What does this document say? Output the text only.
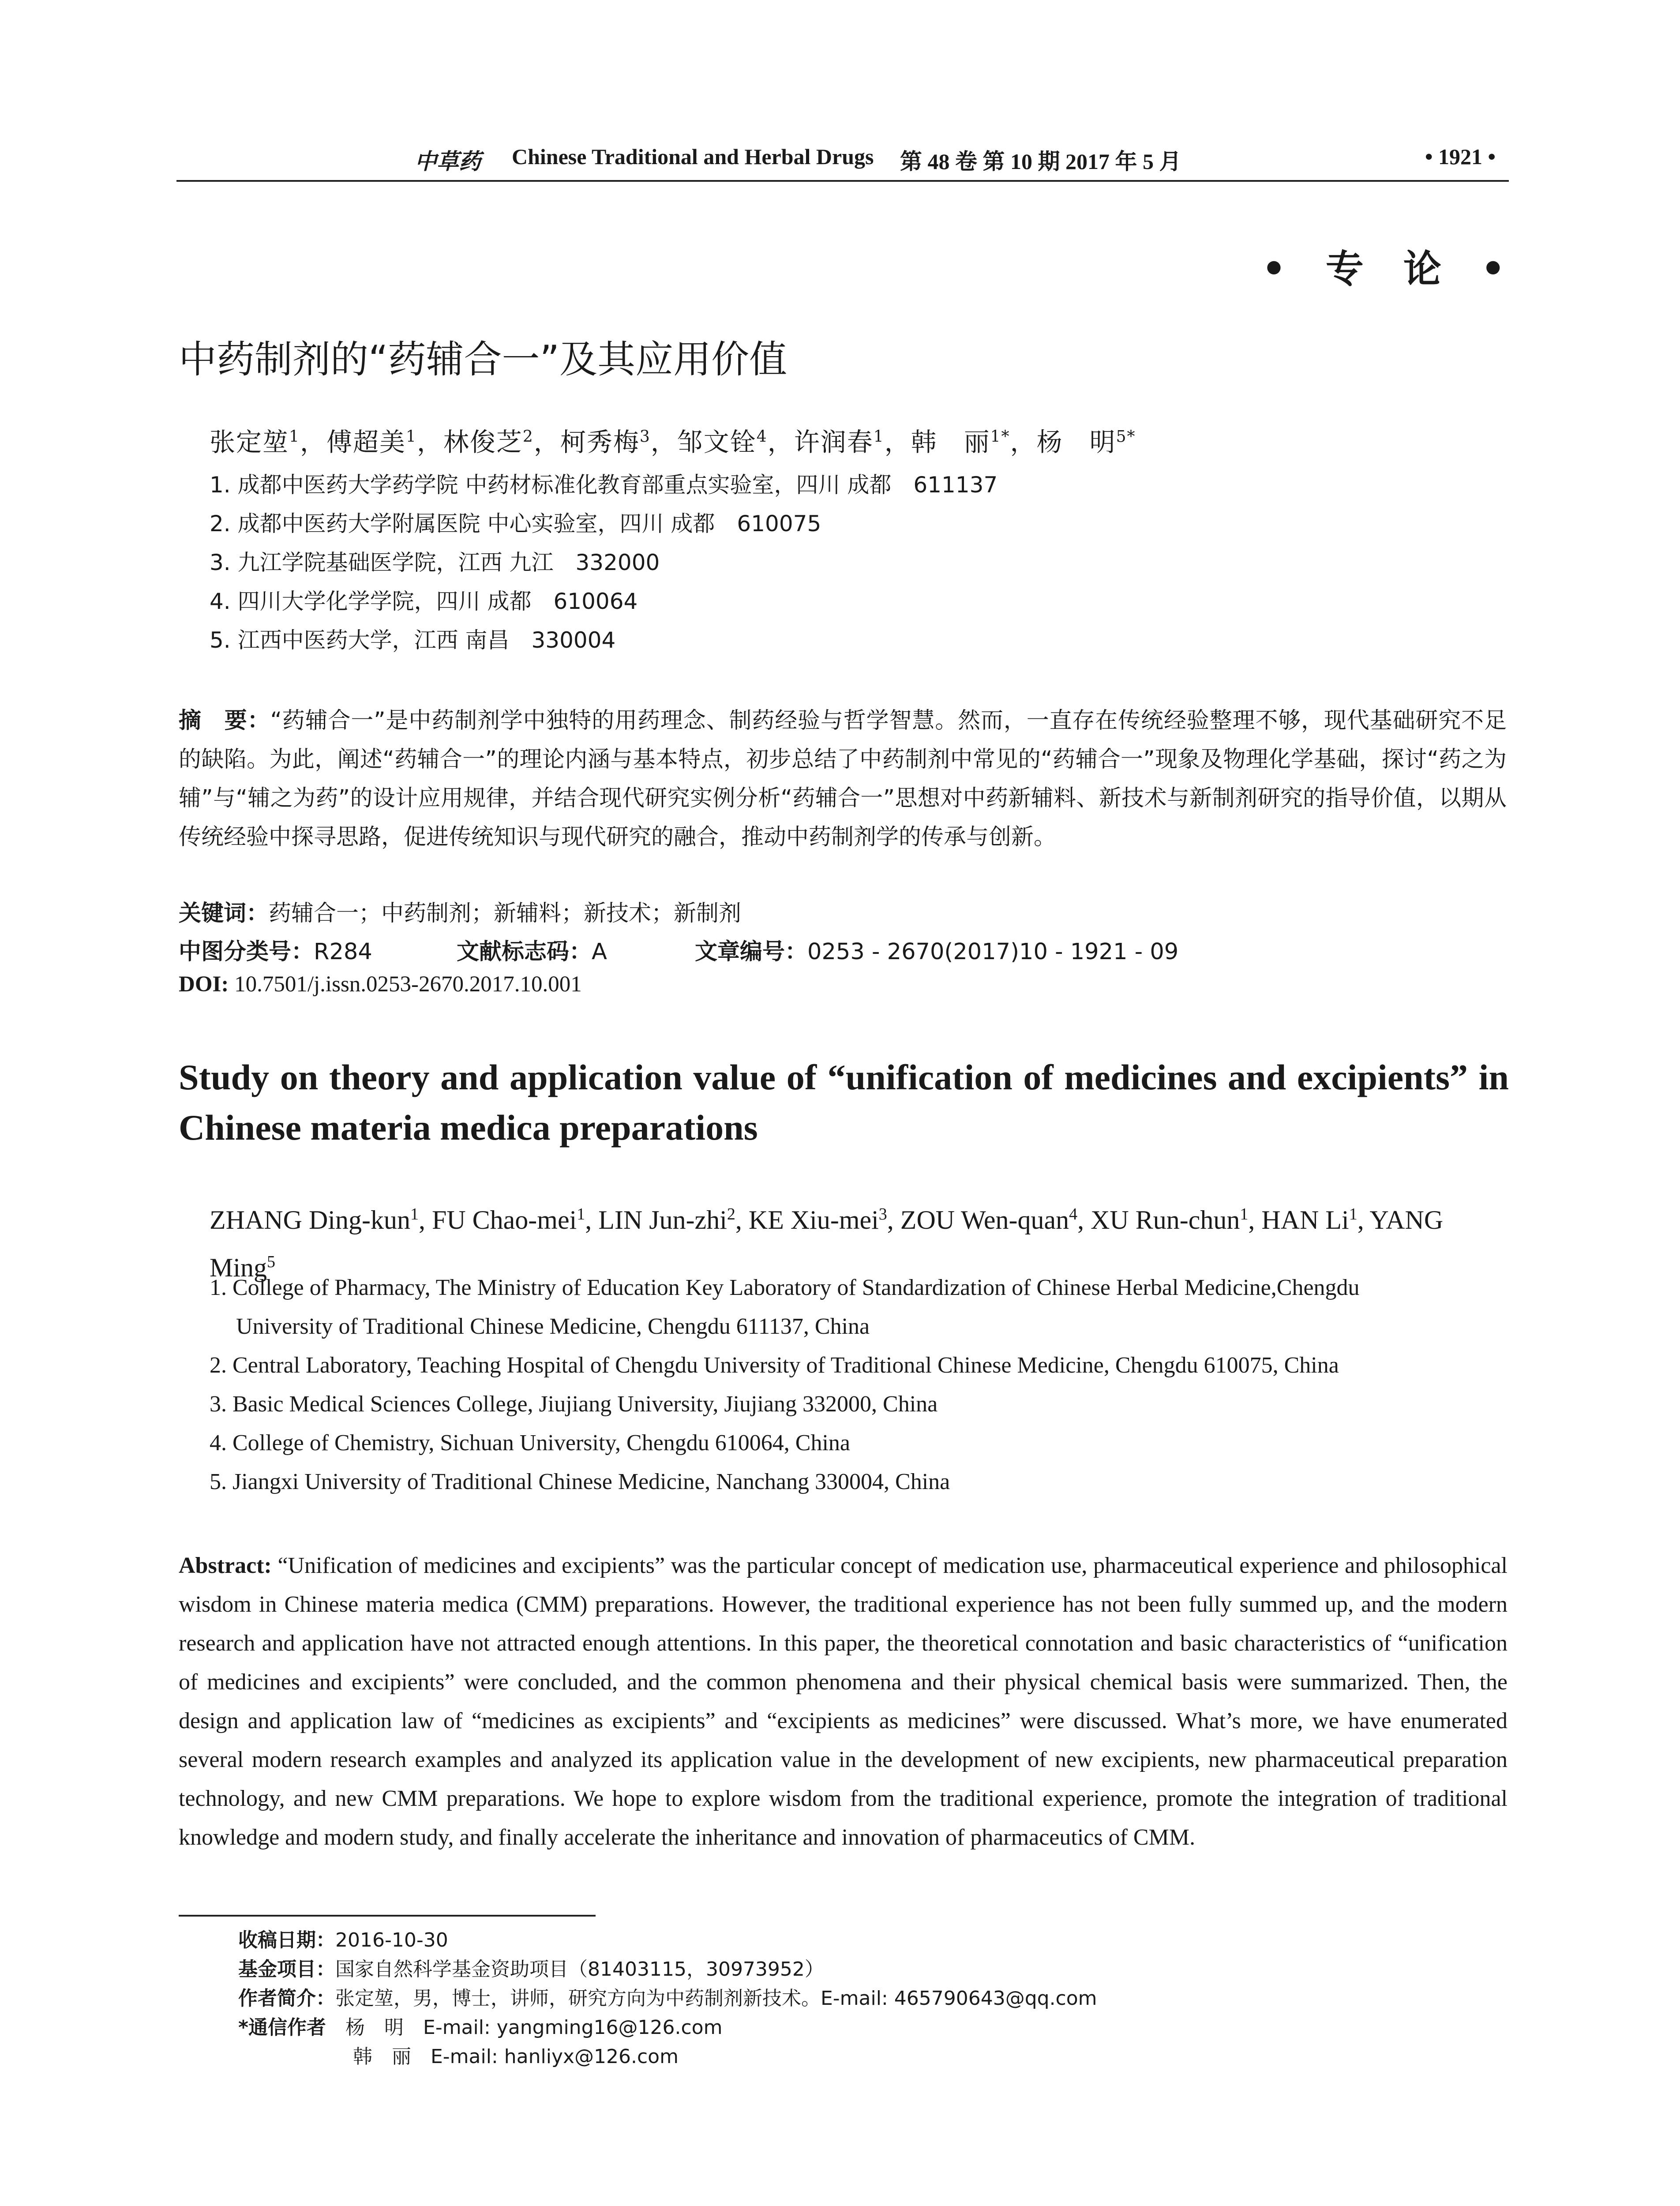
中草药 Chinese Traditional and Herbal Drugs 第 48 卷 第 10 期 2017 年 5 月	• 1921 •
• 专 论 •
中药制剂的“药辅合一”及其应用价值
张定堃$^1$，傅超美$^1$，林俊芝$^2$，柯秀梅$^3$，邹文铨$^4$，许润春$^1$，韩　丽$^{1*}$，杨　明$^{5*}$
1. 成都中医药大学药学院 中药材标准化教育部重点实验室，四川 成都　611137
2. 成都中医药大学附属医院 中心实验室，四川 成都　610075
3. 九江学院基础医学院，江西 九江　332000
4. 四川大学化学学院，四川 成都　610064
5. 江西中医药大学，江西 南昌　330004
摘　要：“药辅合一”是中药制剂学中独特的用药理念、制药经验与哲学智慧。然而，一直存在传统经验整理不够，现代基础研究不足的缺陷。为此，阐述“药辅合一”的理论内涵与基本特点，初步总结了中药制剂中常见的“药辅合一”现象及物理化学基础，探讨“药之为辅”与“辅之为药”的设计应用规律，并结合现代研究实例分析“药辅合一”思想对中药新辅料、新技术与新制剂研究的指导价值，以期从传统经验中探寻思路，促进传统知识与现代研究的融合，推动中药制剂学的传承与创新。
关键词：药辅合一；中药制剂；新辅料；新技术；新制剂
中图分类号：R284	文献标志码：A	文章编号：0253 - 2670(2017)10 - 1921 - 09
DOI: 10.7501/j.issn.0253-2670.2017.10.001
Study on theory and application value of “unification of medicines and excipients” in Chinese materia medica preparations
ZHANG Ding-kun$^1$, FU Chao-mei$^1$, LIN Jun-zhi$^2$, KE Xiu-mei$^3$, ZOU Wen-quan$^4$, XU Run-chun$^1$, HAN Li$^1$, YANG Ming$^5$
1. College of Pharmacy, The Ministry of Education Key Laboratory of Standardization of Chinese Herbal Medicine,Chengdu
University of Traditional Chinese Medicine, Chengdu 611137, China
2. Central Laboratory, Teaching Hospital of Chengdu University of Traditional Chinese Medicine, Chengdu 610075, China
3. Basic Medical Sciences College, Jiujiang University, Jiujiang 332000, China
4. College of Chemistry, Sichuan University, Chengdu 610064, China
5. Jiangxi University of Traditional Chinese Medicine, Nanchang 330004, China
Abstract: “Unification of medicines and excipients” was the particular concept of medication use, pharmaceutical experience and philosophical wisdom in Chinese materia medica (CMM) preparations. However, the traditional experience has not been fully summed up, and the modern research and application have not attracted enough attentions. In this paper, the theoretical connotation and basic characteristics of “unification of medicines and excipients” were concluded, and the common phenomena and their physical chemical basis were summarized. Then, the design and application law of “medicines as excipients” and “excipients as medicines” were discussed. What’s more, we have enumerated several modern research examples and analyzed its application value in the development of new excipients, new pharmaceutical preparation technology, and new CMM preparations. We hope to explore wisdom from the traditional experience, promote the integration of traditional knowledge and modern study, and finally accelerate the inheritance and innovation of pharmaceutics of CMM.
收稿日期：2016-10-30
基金项目：国家自然科学基金资助项目（81403115，30973952）
作者简介：张定堃，男，博士，讲师，研究方向为中药制剂新技术。E-mail: 465790643@qq.com
*通信作者　杨　明　E-mail: yangming16@126.com
韩　丽　E-mail: hanliyx@126.com
